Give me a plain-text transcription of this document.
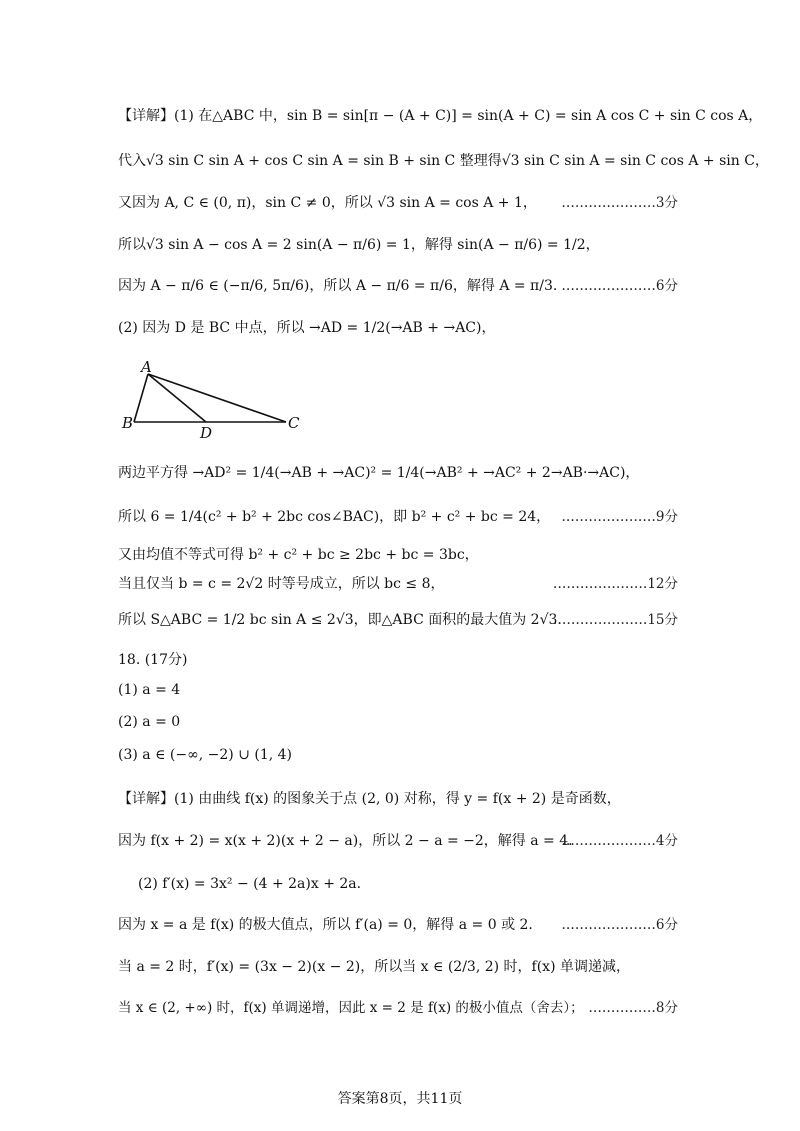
【详解】(1) 在△ABC 中，sin B = sin[π − (A + C)] = sin(A + C) = sin A cos C + sin C cos A，
代入√3 sin C sin A + cos C sin A = sin B + sin C 整理得√3 sin C sin A = sin C cos A + sin C，
又因为 A, C ∈ (0, π)，sin C ≠ 0，所以 √3 sin A = cos A + 1， …………………3分
所以√3 sin A − cos A = 2 sin(A − π/6) = 1，解得 sin(A − π/6) = 1/2，
因为 A − π/6 ∈ (−π/6, 5π/6)，所以 A − π/6 = π/6，解得 A = π/3. …………………6分
(2) 因为 D 是 BC 中点，所以 →AD = 1/2(→AB + →AC)，
A
B
D
C
两边平方得 →AD² = 1/4(→AB + →AC)² = 1/4(→AB² + →AC² + 2→AB·→AC)，
所以 6 = 1/4(c² + b² + 2bc cos∠BAC)，即 b² + c² + bc = 24， …………………9分
又由均值不等式可得 b² + c² + bc ≥ 2bc + bc = 3bc，
当且仅当 b = c = 2√2 时等号成立，所以 bc ≤ 8，	…………………12分
所以 S△ABC = 1/2 bc sin A ≤ 2√3，即△ABC 面积的最大值为 2√3.
…………………15分
18. (17分)
(1) a = 4
(2) a = 0
(3) a ∈ (−∞, −2) ∪ (1, 4)
【详解】(1) 由曲线 f(x) 的图象关于点 (2, 0) 对称，得 y = f(x + 2) 是奇函数，
因为 f(x + 2) = x(x + 2)(x + 2 − a)，所以 2 − a = −2，解得 a = 4.
…………………4分
(2) f′(x) = 3x² − (4 + 2a)x + 2a.
因为 x = a 是 f(x) 的极大值点，所以 f′(a) = 0，解得 a = 0 或 2. …………………6分
当 a = 2 时，f′(x) = (3x − 2)(x − 2)，所以当 x ∈ (2/3, 2) 时，f(x) 单调递减，
当 x ∈ (2, +∞) 时，f(x) 单调递增，因此 x = 2 是 f(x) 的极小值点（舍去）； ……………8分
答案第8页，共11页
